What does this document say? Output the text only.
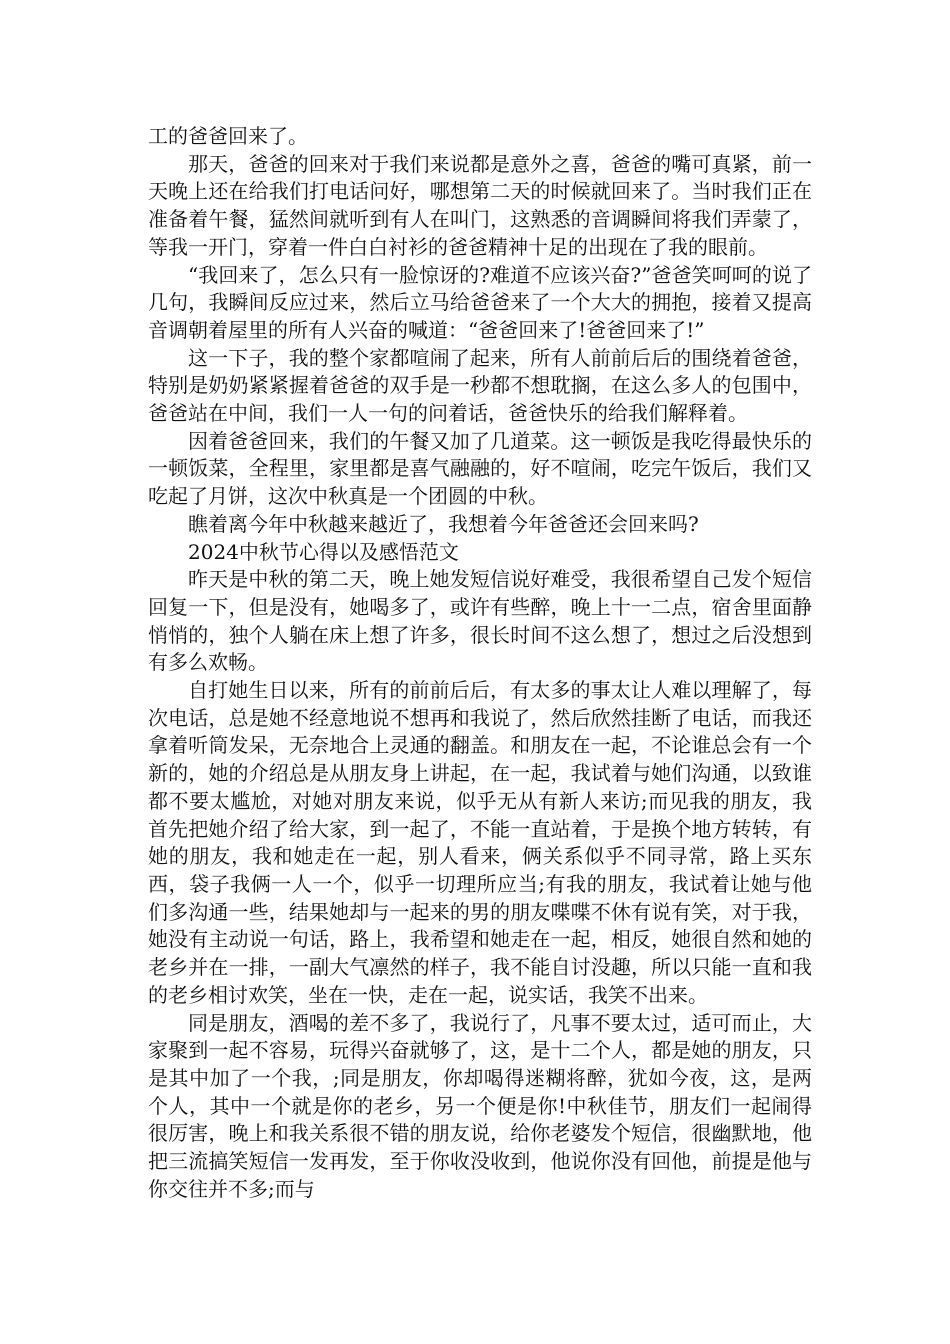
工的爸爸回来了。

那天，爸爸的回来对于我们来说都是意外之喜，爸爸的嘴可真紧，前一天晚上还在给我们打电话问好，哪想第二天的时候就回来了。当时我们正在准备着午餐，猛然间就听到有人在叫门，这熟悉的音调瞬间将我们弄蒙了，等我一开门，穿着一件白白衬衫的爸爸精神十足的出现在了我的眼前。

“我回来了，怎么只有一脸惊讶的?难道不应该兴奋?”爸爸笑呵呵的说了几句，我瞬间反应过来，然后立马给爸爸来了一个大大的拥抱，接着又提高音调朝着屋里的所有人兴奋的喊道：“爸爸回来了!爸爸回来了!”

这一下子，我的整个家都喧闹了起来，所有人前前后后的围绕着爸爸，特别是奶奶紧紧握着爸爸的双手是一秒都不想耽搁，在这么多人的包围中，爸爸站在中间，我们一人一句的问着话，爸爸快乐的给我们解释着。

因着爸爸回来，我们的午餐又加了几道菜。这一顿饭是我吃得最快乐的一顿饭菜，全程里，家里都是喜气融融的，好不喧闹，吃完午饭后，我们又吃起了月饼，这次中秋真是一个团圆的中秋。

瞧着离今年中秋越来越近了，我想着今年爸爸还会回来吗?

2024中秋节心得以及感悟范文

昨天是中秋的第二天，晚上她发短信说好难受，我很希望自己发个短信回复一下，但是没有，她喝多了，或许有些醉，晚上十一二点，宿舍里面静悄悄的，独个人躺在床上想了许多，很长时间不这么想了，想过之后没想到有多么欢畅。

自打她生日以来，所有的前前后后，有太多的事太让人难以理解了，每次电话，总是她不经意地说不想再和我说了，然后欣然挂断了电话，而我还拿着听筒发呆，无奈地合上灵通的翻盖。和朋友在一起，不论谁总会有一个新的，她的介绍总是从朋友身上讲起，在一起，我试着与她们沟通，以致谁都不要太尴尬，对她对朋友来说，似乎无从有新人来访;而见我的朋友，我首先把她介绍了给大家，到一起了，不能一直站着，于是换个地方转转，有她的朋友，我和她走在一起，别人看来，俩关系似乎不同寻常，路上买东西，袋子我俩一人一个，似乎一切理所应当;有我的朋友，我试着让她与他们多沟通一些，结果她却与一起来的男的朋友喋喋不休有说有笑，对于我，她没有主动说一句话，路上，我希望和她走在一起，相反，她很自然和她的老乡并在一排，一副大气凛然的样子，我不能自讨没趣，所以只能一直和我的老乡相讨欢笑，坐在一快，走在一起，说实话，我笑不出来。

同是朋友，酒喝的差不多了，我说行了，凡事不要太过，适可而止，大家聚到一起不容易，玩得兴奋就够了，这，是十二个人，都是她的朋友，只是其中加了一个我，;同是朋友，你却喝得迷糊将醉，犹如今夜，这，是两个人，其中一个就是你的老乡，另一个便是你!中秋佳节，朋友们一起闹得很厉害，晚上和我关系很不错的朋友说，给你老婆发个短信，很幽默地，他把三流搞笑短信一发再发，至于你收没收到，他说你没有回他，前提是他与你交往并不多;而与
